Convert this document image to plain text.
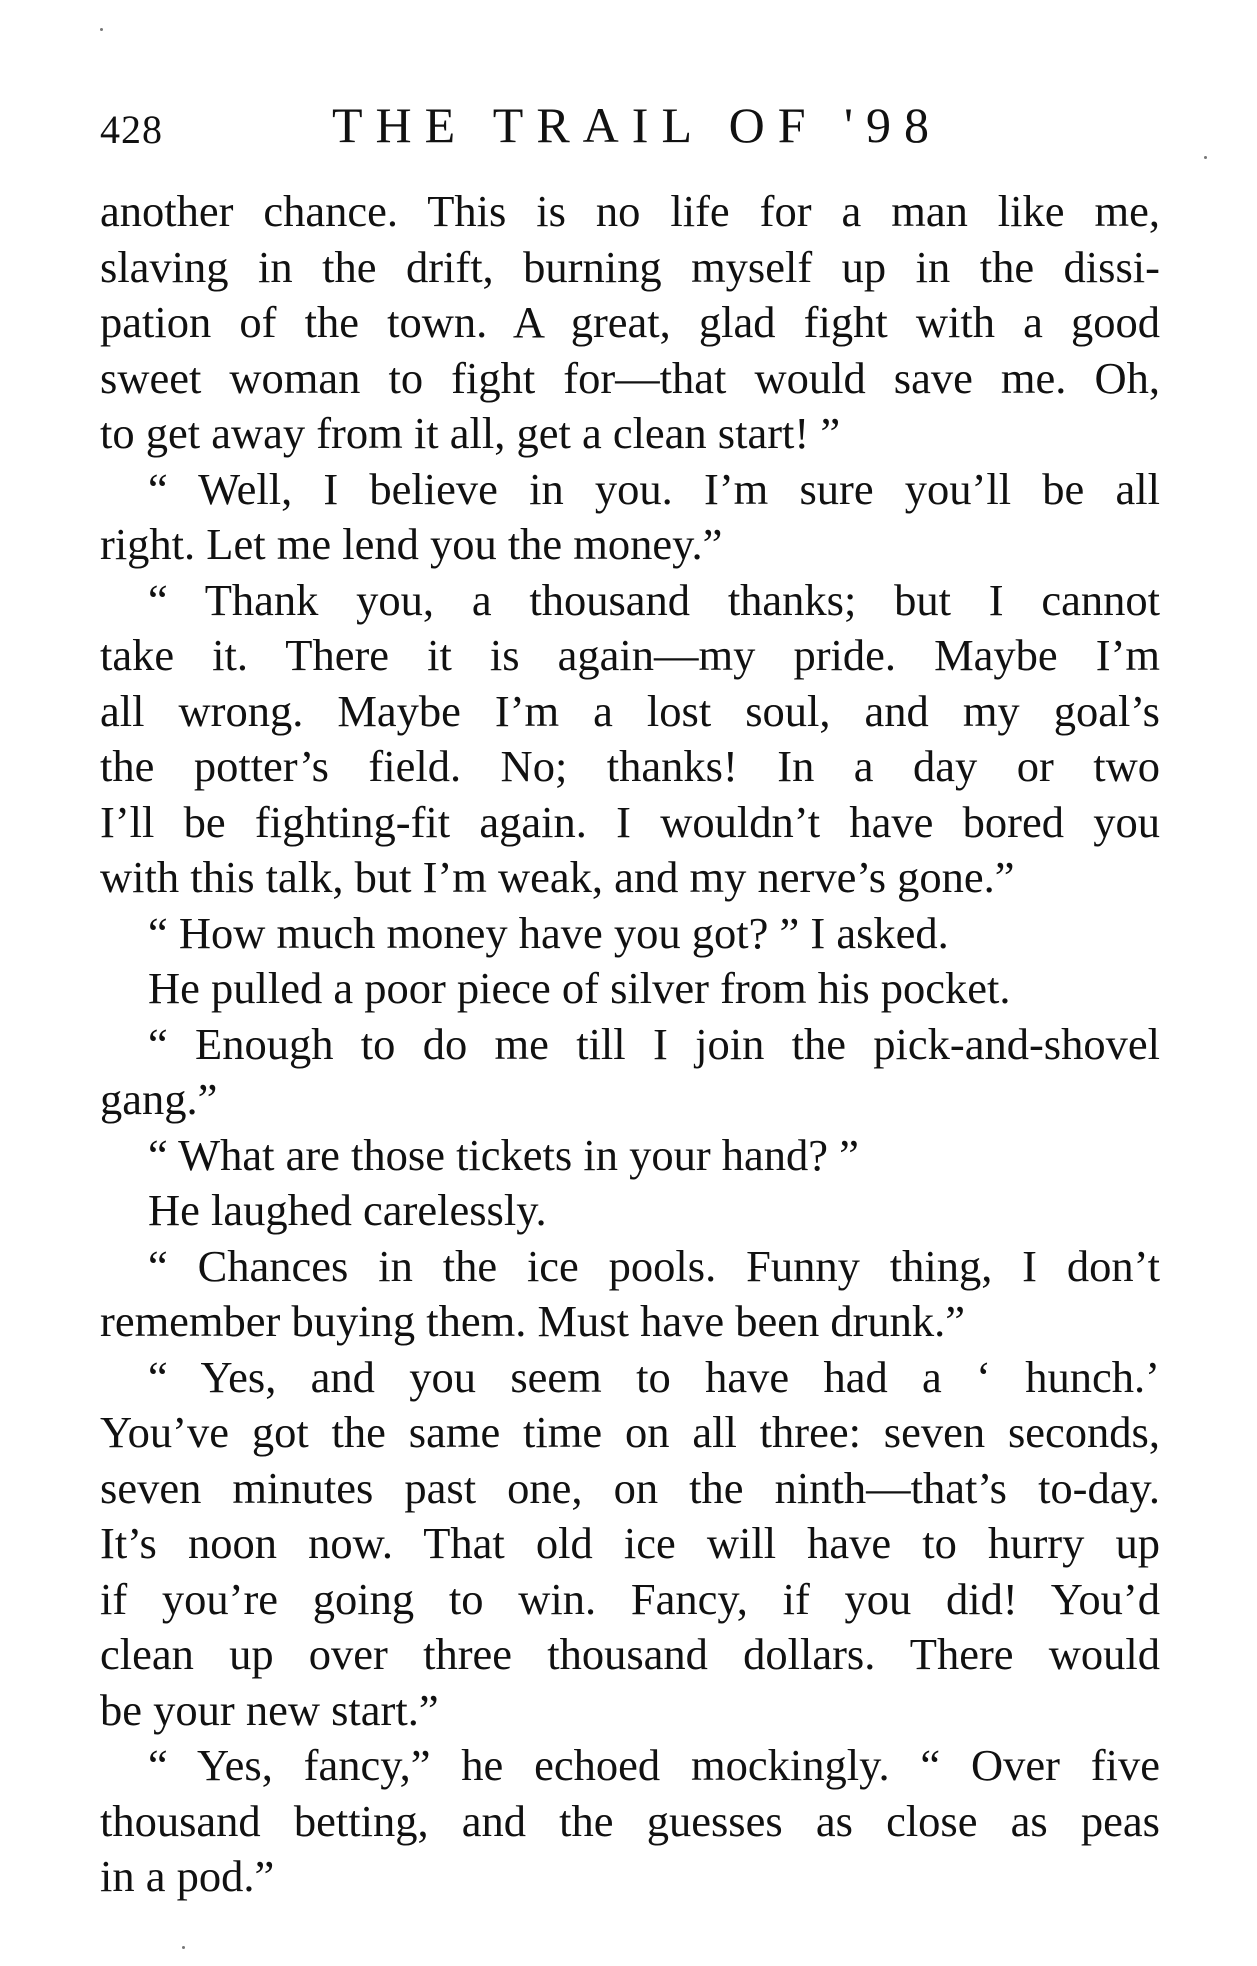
428	THE TRAIL OF '98
another chance. This is no life for a man like me,
slaving in the drift, burning myself up in the dissi-
pation of the town. A great, glad fight with a good
sweet woman to fight for—that would save me. Oh,
to get away from it all, get a clean start! ”
“ Well, I believe in you. I’m sure you’ll be all
right. Let me lend you the money.”
“ Thank you, a thousand thanks; but I cannot
take it. There it is again—my pride. Maybe I’m
all wrong. Maybe I’m a lost soul, and my goal’s
the potter’s field. No; thanks! In a day or two
I’ll be fighting-fit again. I wouldn’t have bored you
with this talk, but I’m weak, and my nerve’s gone.”
“ How much money have you got? ” I asked.
He pulled a poor piece of silver from his pocket.
“ Enough to do me till I join the pick-and-shovel
gang.”
“ What are those tickets in your hand? ”
He laughed carelessly.
“ Chances in the ice pools. Funny thing, I don’t
remember buying them. Must have been drunk.”
“ Yes, and you seem to have had a ‘ hunch.’
You’ve got the same time on all three: seven seconds,
seven minutes past one, on the ninth—that’s to-day.
It’s noon now. That old ice will have to hurry up
if you’re going to win. Fancy, if you did! You’d
clean up over three thousand dollars. There would
be your new start.”
“ Yes, fancy,” he echoed mockingly. “ Over five
thousand betting, and the guesses as close as peas
in a pod.”
